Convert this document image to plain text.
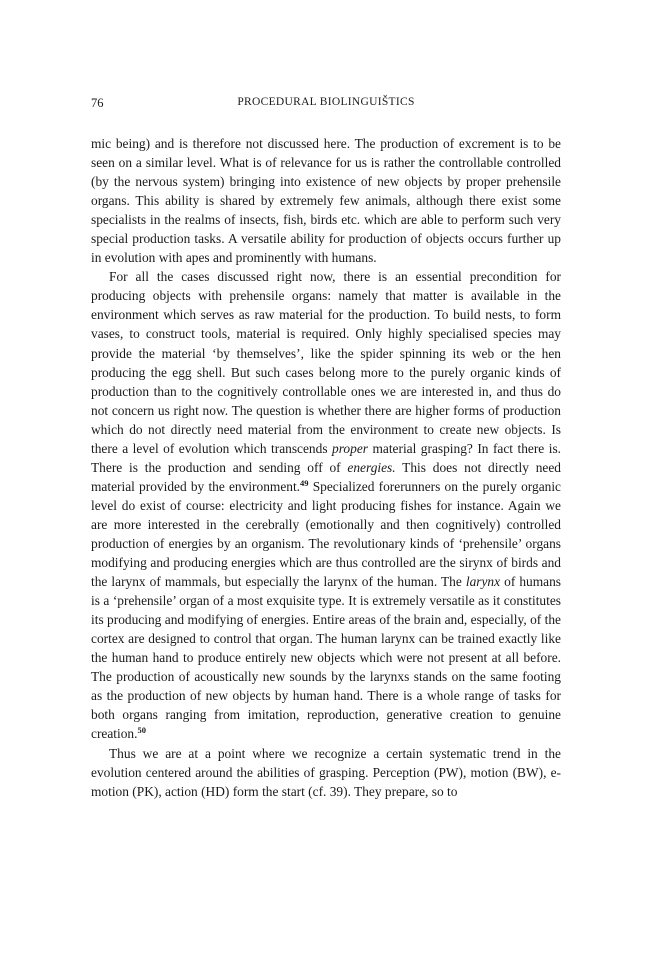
76	PROCEDURAL BIOLINGUIŠTICS

mic being) and is therefore not discussed here. The production of excrement is to be seen on a similar level. What is of relevance for us is rather the controllable controlled (by the nervous system) bringing into existence of new objects by proper prehensile organs. This ability is shared by extremely few animals, although there exist some specialists in the realms of insects, fish, birds etc. which are able to perform such very special production tasks. A versatile ability for production of objects occurs further up in evolution with apes and prominently with humans.

For all the cases discussed right now, there is an essential precondition for producing objects with prehensile organs: namely that matter is available in the environment which serves as raw material for the production. To build nests, to form vases, to construct tools, material is required. Only highly specialised species may provide the material ‘by themselves’, like the spider spinning its web or the hen producing the egg shell. But such cases belong more to the purely organic kinds of production than to the cognitively controllable ones we are interested in, and thus do not concern us right now. The question is whether there are higher forms of production which do not directly need material from the environment to create new objects. Is there a level of evolution which transcends proper material grasping? In fact there is. There is the production and sending off of energies. This does not directly need material provided by the environment.$^{49}$ Specialized forerunners on the purely organic level do exist of course: electricity and light producing fishes for instance. Again we are more interested in the cerebrally (emotionally and then cognitively) controlled production of energies by an organism. The revolutionary kinds of ‘prehensile’ organs modifying and producing energies which are thus controlled are the sirynx of birds and the larynx of mammals, but especially the larynx of the human. The larynx of humans is a ‘prehensile’ organ of a most exquisite type. It is extremely versatile as it constitutes its producing and modifying of energies. Entire areas of the brain and, especially, of the cortex are designed to control that organ. The human larynx can be trained exactly like the human hand to produce entirely new objects which were not present at all before. The production of acoustically new sounds by the larynxs stands on the same footing as the production of new objects by human hand. There is a whole range of tasks for both organs ranging from imitation, reproduction, generative creation to genuine creation.$^{50}$

Thus we are at a point where we recognize a certain systematic trend in the evolution centered around the abilities of grasping. Perception (PW), motion (BW), e-motion (PK), action (HD) form the start (cf. 39). They prepare, so to
